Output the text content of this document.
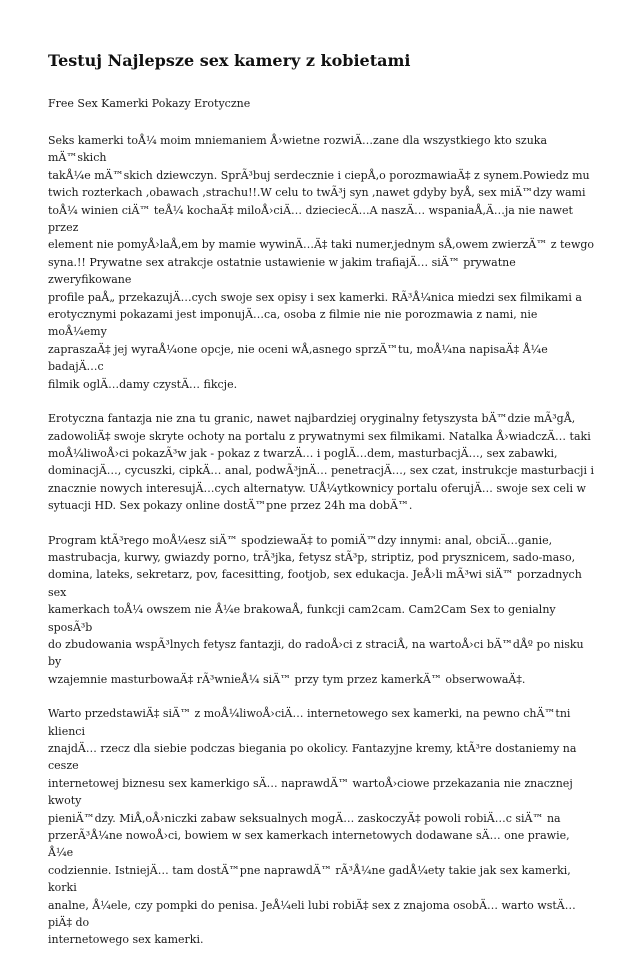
Testuj Najlepsze sex kamery z kobietami

Free Sex Kamerki Pokazy Erotyczne

Seks kamerki toÅ¼ moim mniemaniem Å›wietne rozwiÄ…zane dla wszystkiego kto szuka mÄ™skich
takÅ¼e mÄ™skich dziewczyn. SprÃ³buj serdecznie i ciepÅ‚o porozmawiaÄ‡ z synem.Powiedz mu
twich rozterkach ,obawach ,strachu!!.W celu to twÃ³j syn ,nawet gdyby byÅ‚ sex miÄ™dzy wami
toÅ¼ winien ciÄ™ teÅ¼ kochaÄ‡ miloÅ›ciÄ… dzieciecÄ…A naszÄ… wspaniaÅ‚Ä…ja nie nawet przez
element nie pomyÅ›laÅ‚em by mamie wywinÄ…Ä‡ taki numer,jednym sÅ‚owem zwierzÄ™ z tewgo
syna.!! Prywatne sex atrakcje ostatnie ustawienie w jakim trafiajÄ… siÄ™ prywatne zweryfikowane
profile paÅ„ przekazujÄ…cych swoje sex opisy i sex kamerki. RÃ³Å¼nica miedzi sex filmikami a
erotycznymi pokazami jest imponujÄ…ca, osoba z filmie nie nie porozmawia z nami, nie moÅ¼emy
zapraszaÄ‡ jej wyraÅ¼one opcje, nie oceni wÅ‚asnego sprzÄ™tu, moÅ¼na napisaÄ‡ Å¼e badajÄ…c
filmik oglÄ…damy czystÄ… fikcje.

Erotyczna fantazja nie zna tu granic, nawet najbardziej oryginalny fetyszysta bÄ™dzie mÃ³gÅ‚
zadowoliÄ‡ swoje skryte ochoty na portalu z prywatnymi sex filmikami. Natalka Å›wiadczÄ… taki
moÅ¼liwoÅ›ci pokazÃ³w jak - pokaz z twarzÄ… i poglÄ…dem, masturbacjÄ…, sex zabawki,
dominacjÄ…, cycuszki, cipkÄ… anal, podwÃ³jnÄ… penetracjÄ…, sex czat, instrukcje masturbacji i
znacznie nowych interesujÄ…cych alternatyw. UÅ¼ytkownicy portalu oferujÄ… swoje sex celi w
sytuacji HD. Sex pokazy online dostÄ™pne przez 24h ma dobÄ™.

Program ktÃ³rego moÅ¼esz siÄ™ spodziewaÄ‡ to pomiÄ™dzy innymi: anal, obciÄ…ganie,
mastrubacja, kurwy, gwiazdy porno, trÃ³jka, fetysz stÃ³p, striptiz, pod prysznicem, sado-maso,
domina, lateks, sekretarz, pov, facesitting, footjob, sex edukacja. JeÅ›li mÃ³wi siÄ™ porzadnych sex
kamerkach toÅ¼ owszem nie Å¼e brakowaÅ‚ funkcji cam2cam. Cam2Cam Sex to genialny sposÃ³b
do zbudowania wspÃ³lnych fetysz fantazji, do radoÅ›ci z straciÅ‚ na wartoÅ›ci bÄ™dÅº po nisku by
wzajemnie masturbowaÄ‡ rÃ³wnieÅ¼ siÄ™ przy tym przez kamerkÄ™ obserwowaÄ‡.

Warto przedstawiÄ‡ siÄ™ z moÅ¼liwoÅ›ciÄ… internetowego sex kamerki, na pewno chÄ™tni klienci
znajdÄ… rzecz dla siebie podczas biegania po okolicy. Fantazyjne kremy, ktÃ³re dostaniemy na cesze
internetowej biznesu sex kamerkigo sÄ… naprawdÄ™ wartoÅ›ciowe przekazania nie znacznej kwoty
pieniÄ™dzy. MiÅ‚oÅ›niczki zabaw seksualnych mogÄ… zaskoczyÄ‡ powoli robiÄ…c siÄ™ na
przerÃ³Å¼ne nowoÅ›ci, bowiem w sex kamerkach internetowych dodawane sÄ… one prawie, Å¼e
codziennie. IstniejÄ… tam dostÄ™pne naprawdÄ™ rÃ³Å¼ne gadÅ¼ety takie jak sex kamerki, korki
analne, Å¼ele, czy pompki do penisa. JeÅ¼eli lubi robiÄ‡ sex z znajoma osobÄ… warto wstÄ…piÄ‡ do
internetowego sex kamerki.
